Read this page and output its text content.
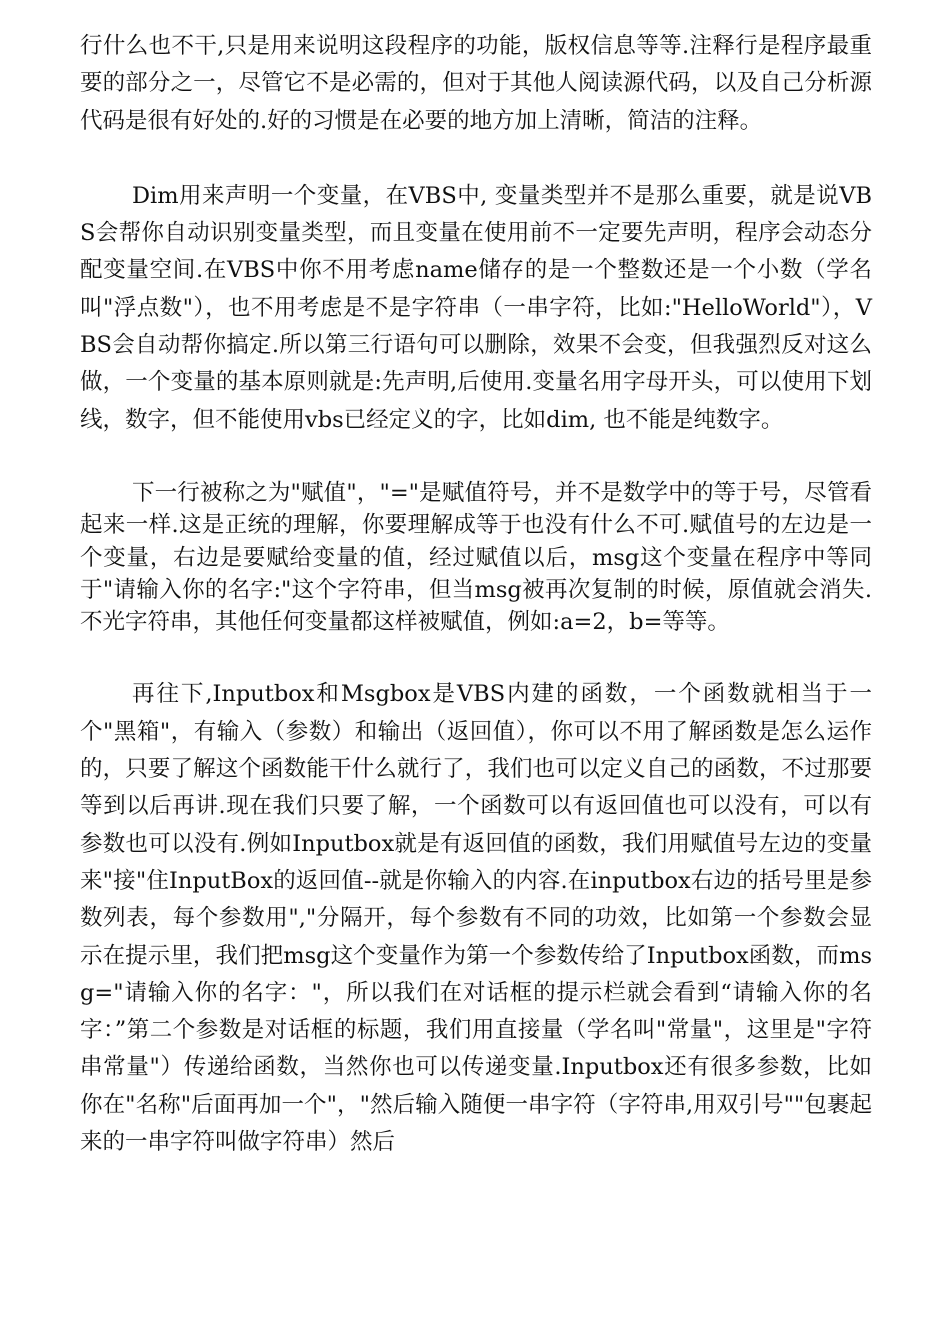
行什么也不干,只是用来说明这段程序的功能，版权信息等等.注释行是程序最重要的部分之一，尽管它不是必需的，但对于其他人阅读源代码，以及自己分析源代码是很有好处的.好的习惯是在必要的地方加上清晰，简洁的注释。

Dim用来声明一个变量，在VBS中, 变量类型并不是那么重要，就是说VBS会帮你自动识别变量类型，而且变量在使用前不一定要先声明，程序会动态分配变量空间.在VBS中你不用考虑name储存的是一个整数还是一个小数（学名叫"浮点数"），也不用考虑是不是字符串（一串字符，比如:"HelloWorld"），VBS会自动帮你搞定.所以第三行语句可以删除，效果不会变，但我强烈反对这么做，一个变量的基本原则就是:先声明,后使用.变量名用字母开头，可以使用下划线，数字，但不能使用vbs已经定义的字，比如dim, 也不能是纯数字。

下一行被称之为"赋值"，"="是赋值符号，并不是数学中的等于号，尽管看起来一样.这是正统的理解，你要理解成等于也没有什么不可.赋值号的左边是一个变量，右边是要赋给变量的值，经过赋值以后，msg这个变量在程序中等同于"请输入你的名字:"这个字符串，但当msg被再次复制的时候，原值就会消失.不光字符串，其他任何变量都这样被赋值，例如:a=2，b=等等。

再往下,Inputbox和Msgbox是VBS内建的函数，一个函数就相当于一个"黑箱"，有输入（参数）和输出（返回值），你可以不用了解函数是怎么运作的，只要了解这个函数能干什么就行了，我们也可以定义自己的函数，不过那要等到以后再讲.现在我们只要了解，一个函数可以有返回值也可以没有，可以有参数也可以没有.例如Inputbox就是有返回值的函数，我们用赋值号左边的变量来"接"住InputBox的返回值--就是你输入的内容.在inputbox右边的括号里是参数列表，每个参数用","分隔开，每个参数有不同的功效，比如第一个参数会显示在提示里，我们把msg这个变量作为第一个参数传给了Inputbox函数，而msg="请输入你的名字："，所以我们在对话框的提示栏就会看到“请输入你的名字：”第二个参数是对话框的标题，我们用直接量（学名叫"常量"，这里是"字符串常量"）传递给函数，当然你也可以传递变量.Inputbox还有很多参数，比如你在"名称"后面再加一个"，"然后输入随便一串字符（字符串,用双引号""包裹起来的一串字符叫做字符串）然后
